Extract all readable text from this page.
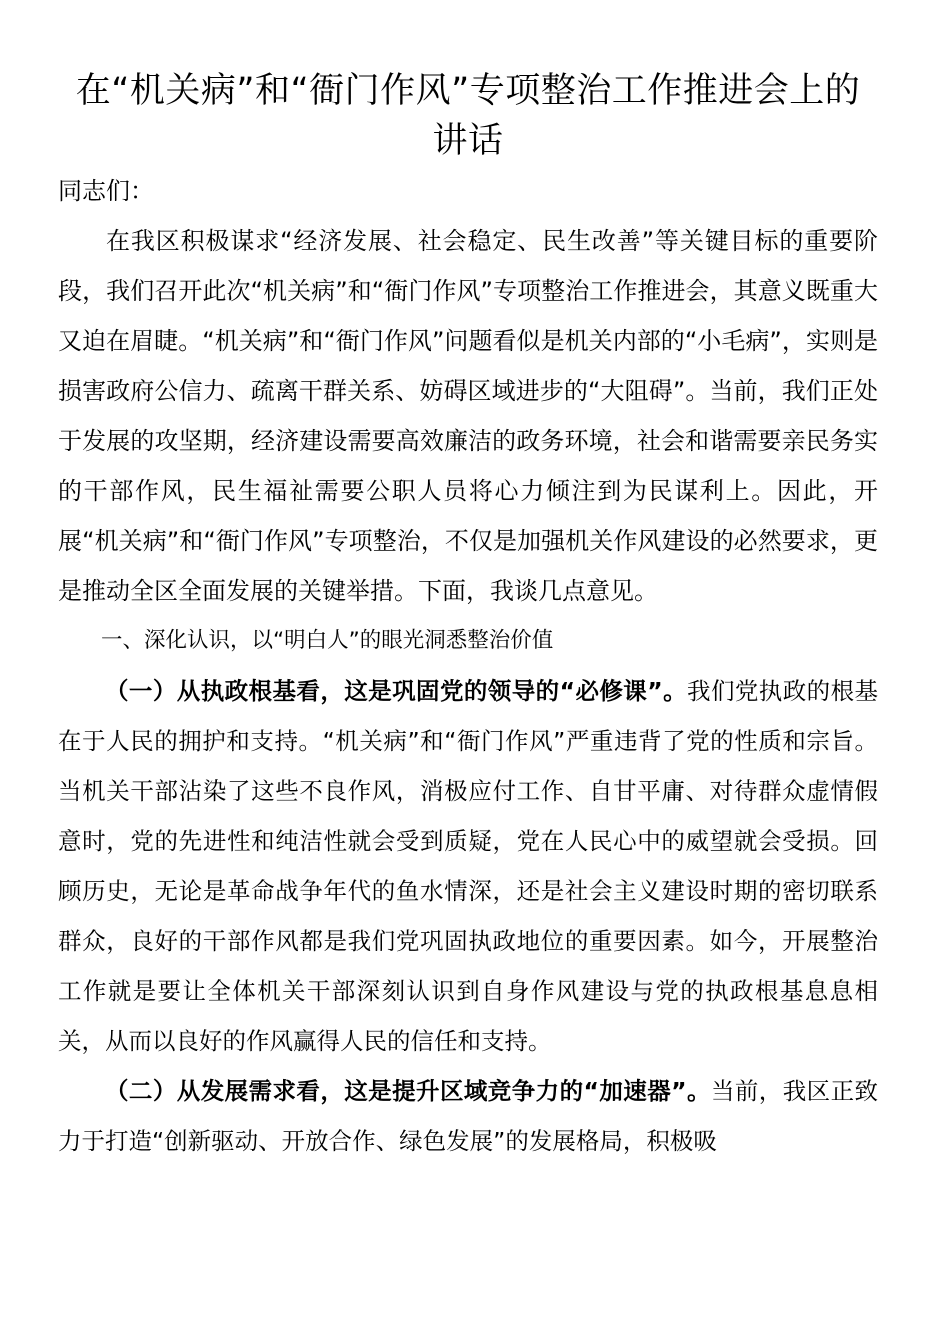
在“机关病”和“衙门作风”专项整治工作推进会上的讲话

同志们：

在我区积极谋求“经济发展、社会稳定、民生改善”等关键目标的重要阶段，我们召开此次“机关病”和“衙门作风”专项整治工作推进会，其意义既重大又迫在眉睫。“机关病”和“衙门作风”问题看似是机关内部的“小毛病”，实则是损害政府公信力、疏离干群关系、妨碍区域进步的“大阻碍”。当前，我们正处于发展的攻坚期，经济建设需要高效廉洁的政务环境，社会和谐需要亲民务实的干部作风，民生福祉需要公职人员将心力倾注到为民谋利上。因此，开展“机关病”和“衙门作风”专项整治，不仅是加强机关作风建设的必然要求，更是推动全区全面发展的关键举措。下面，我谈几点意见。

一、深化认识，以“明白人”的眼光洞悉整治价值

（一）从执政根基看，这是巩固党的领导的“必修课”。我们党执政的根基在于人民的拥护和支持。“机关病”和“衙门作风”严重违背了党的性质和宗旨。当机关干部沾染了这些不良作风，消极应付工作、自甘平庸、对待群众虚情假意时，党的先进性和纯洁性就会受到质疑，党在人民心中的威望就会受损。回顾历史，无论是革命战争年代的鱼水情深，还是社会主义建设时期的密切联系群众，良好的干部作风都是我们党巩固执政地位的重要因素。如今，开展整治工作就是要让全体机关干部深刻认识到自身作风建设与党的执政根基息息相关，从而以良好的作风赢得人民的信任和支持。

（二）从发展需求看，这是提升区域竞争力的“加速器”。当前，我区正致力于打造“创新驱动、开放合作、绿色发展”的发展格局，积极吸
